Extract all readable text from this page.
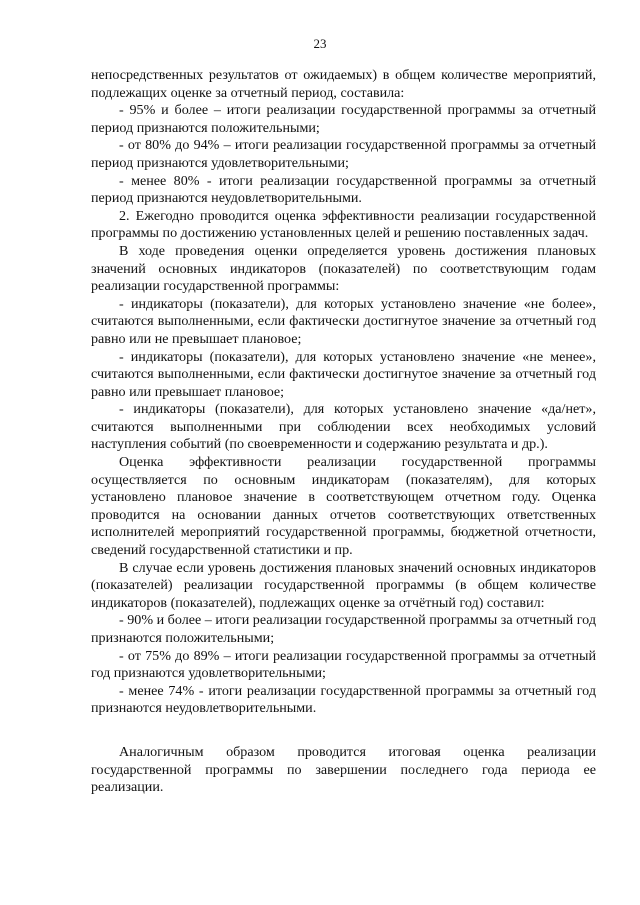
23

непосредственных результатов от ожидаемых) в общем количестве мероприятий, подлежащих оценке за отчетный период, составила:

- 95% и более – итоги реализации государственной программы за отчетный период признаются положительными;

- от 80% до 94% – итоги реализации государственной программы за отчетный период признаются удовлетворительными;

- менее 80% - итоги реализации государственной программы за отчетный период признаются неудовлетворительными.

2. Ежегодно проводится оценка эффективности реализации государственной программы по достижению установленных целей и решению поставленных задач.

В ходе проведения оценки определяется уровень достижения плановых значений основных индикаторов (показателей) по соответствующим годам реализации государственной программы:

- индикаторы (показатели), для которых установлено значение «не более», считаются выполненными, если фактически достигнутое значение за отчетный год равно или не превышает плановое;

- индикаторы (показатели), для которых установлено значение «не менее», считаются выполненными, если фактически достигнутое значение за отчетный год равно или превышает плановое;

- индикаторы (показатели), для которых установлено значение «да/нет», считаются выполненными при соблюдении всех необходимых условий наступления событий (по своевременности и содержанию результата и др.).

Оценка эффективности реализации государственной программы осуществляется по основным индикаторам (показателям), для которых установлено плановое значение в соответствующем отчетном году. Оценка проводится на основании данных отчетов соответствующих ответственных исполнителей мероприятий государственной программы, бюджетной отчетности, сведений государственной статистики и пр.

В случае если уровень достижения плановых значений основных индикаторов (показателей) реализации государственной программы (в общем количестве индикаторов (показателей), подлежащих оценке за отчётный год) составил:

- 90% и более – итоги реализации государственной программы за отчетный год признаются положительными;

- от 75% до 89% – итоги реализации государственной программы за отчетный год признаются удовлетворительными;

- менее 74% - итоги реализации государственной программы за отчетный год признаются неудовлетворительными.

Аналогичным образом проводится итоговая оценка реализации государственной программы по завершении последнего года периода ее реализации.
